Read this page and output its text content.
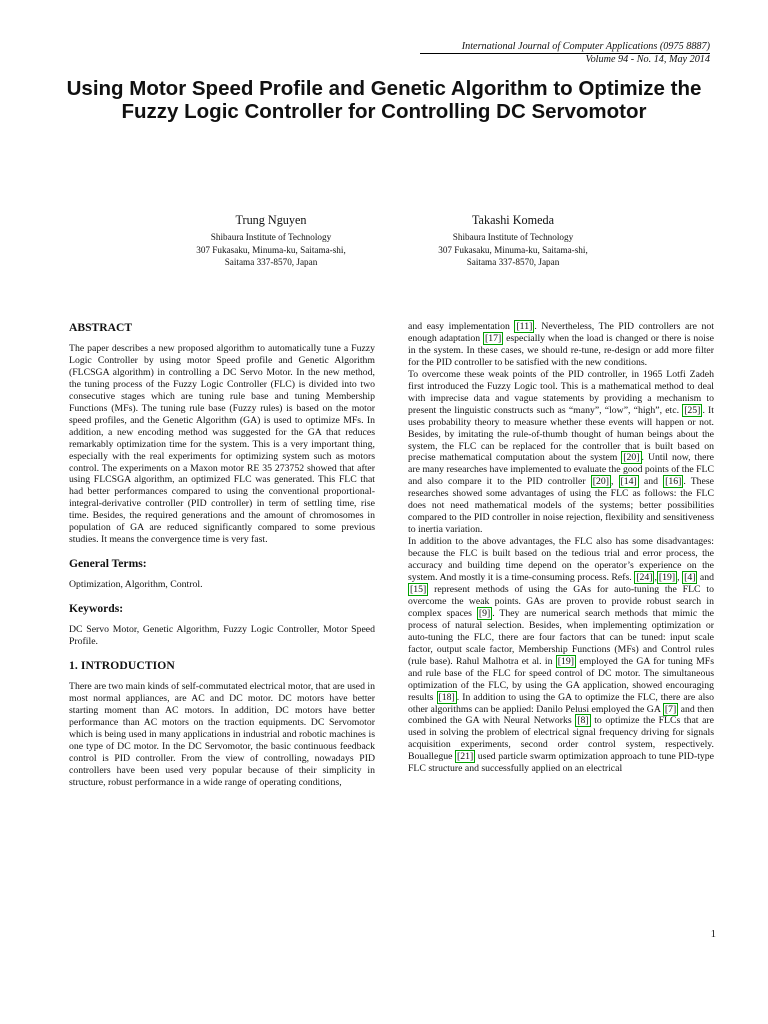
International Journal of Computer Applications (0975 8887)
Volume 94 - No. 14, May 2014
Using Motor Speed Profile and Genetic Algorithm to Optimize the Fuzzy Logic Controller for Controlling DC Servomotor
Trung Nguyen
Shibaura Institute of Technology
307 Fukasaku, Minuma-ku, Saitama-shi,
Saitama 337-8570, Japan
Takashi Komeda
Shibaura Institute of Technology
307 Fukasaku, Minuma-ku, Saitama-shi,
Saitama 337-8570, Japan
ABSTRACT

The paper describes a new proposed algorithm to automatically tune a Fuzzy Logic Controller by using motor Speed profile and Genetic Algorithm (FLCSGA algorithm) in controlling a DC Servo Motor. In the new method, the tuning process of the Fuzzy Logic Controller (FLC) is divided into two consecutive stages which are tuning rule base and tuning Membership Functions (MFs). The tuning rule base (Fuzzy rules) is based on the motor speed profiles, and the Genetic Algorithm (GA) is used to optimize MFs. In addition, a new encoding method was suggested for the GA that reduces remarkably optimization time for the system. This is a very important thing, especially with the real experiments for optimizing system such as motors control. The experiments on a Maxon motor RE 35 273752 showed that after using FLCSGA algorithm, an optimized FLC was generated. This FLC that had better performances compared to using the conventional proportional-integral-derivative controller (PID controller) in term of settling time, rise time. Besides, the required generations and the amount of chromosomes in population of GA are reduced significantly compared to some previous studies. It means the convergence time is very fast.

General Terms:

Optimization, Algorithm, Control.

Keywords:

DC Servo Motor, Genetic Algorithm, Fuzzy Logic Controller, Motor Speed Profile.

1. INTRODUCTION

There are two main kinds of self-commutated electrical motor, that are used in most normal appliances, are AC and DC motor. DC motors have better starting moment than AC motors. In addition, DC motors have better performance than AC motors on the traction equipments. DC Servomotor which is being used in many applications in industrial and robotic machines is one type of DC motor. In the DC Servomotor, the basic continuous feedback control is PID controller. From the view of controlling, nowadays PID controllers have been used very popular because of their simplicity in structure, robust performance in a wide range of operating conditions,

and easy implementation [11] . Nevertheless, The PID controllers are not enough adaptation [17] especially when the load is changed or there is noise in the system. In these cases, we should re-tune, re-design or add more filter for the PID controller to be satisfied with the new conditions.

To overcome these weak points of the PID controller, in 1965 Lotfi Zadeh first introduced the Fuzzy Logic tool. This is a mathematical method to deal with imprecise data and vague statements by providing a mechanism to present the linguistic constructs such as “many”, “low”, “high”, etc. [25] . It uses probability theory to measure whether these events will happen or not. Besides, by imitating the rule-of-thumb thought of human beings about the system, the FLC can be replaced for the controller that is built based on precise mathematical computation about the system [20] . Until now, there are many researches have implemented to evaluate the good points of the FLC and also compare it to the PID controller [20] , [14] and [16] . These researches showed some advantages of using the FLC as follows: the FLC does not need mathematical models of the systems; better possibilities compared to the PID controller in noise rejection, flexibility and sensitiveness to inertia variation.

In addition to the above advantages, the FLC also has some disadvantages: because the FLC is built based on the tedious trial and error process, the accuracy and building time depend on the operator’s experience on the system. And mostly it is a time-consuming process. Refs. [24] , [19] , [4] and [15] represent methods of using the GAs for auto-tuning the FLC to overcome the weak points. GAs are proven to provide robust search in complex spaces [9] . They are numerical search methods that mimic the process of natural selection. Besides, when implementing optimization or auto-tuning the FLC, there are four factors that can be tuned: input scale factor, output scale factor, Membership Functions (MFs) and Control rules (rule base). Rahul Malhotra et al. in [19] employed the GA for tuning MFs and rule base of the FLC for speed control of DC motor. The simultaneous optimization of the FLC, by using the GA application, showed encouraging results [18] . In addition to using the GA to optimize the FLC, there are also other algorithms can be applied: Danilo Pelusi employed the GA [7] and then combined the GA with Neural Networks [8] to optimize the FLCs that are used in solving the problem of electrical signal frequency driving for signals acquisition experiments, second order control system, respectively. Bouallegue [21] used particle swarm optimization approach to tune PID-type FLC structure and successfully applied on an electrical

1
